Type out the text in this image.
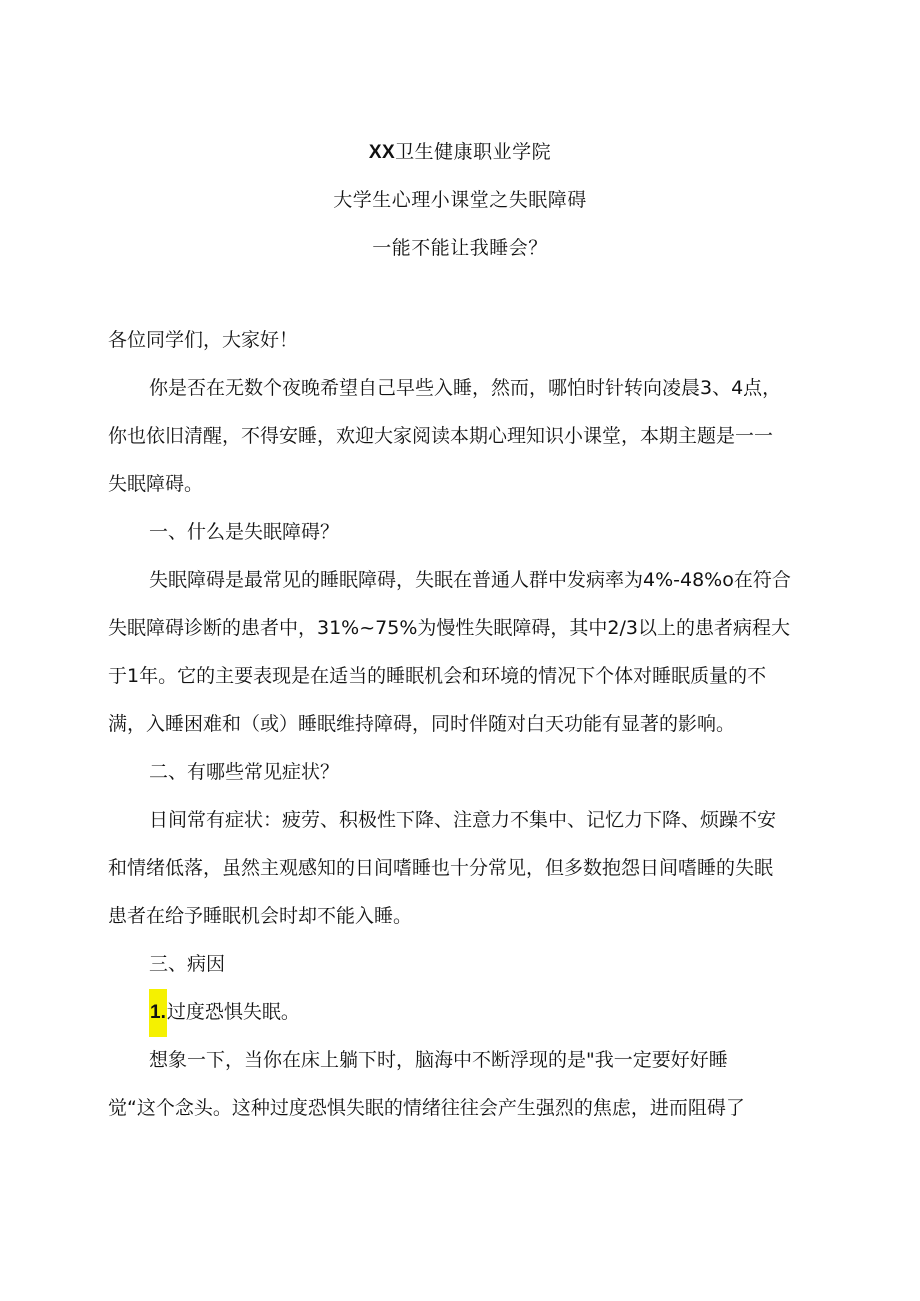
XX卫生健康职业学院
大学生心理小课堂之失眠障碍
一能不能让我睡会？
各位同学们，大家好！
你是否在无数个夜晚希望自己早些入睡，然而，哪怕时针转向凌晨3、4点，
你也依旧清醒，不得安睡，欢迎大家阅读本期心理知识小课堂，本期主题是一一
失眠障碍。
一、什么是失眠障碍？
失眠障碍是最常见的睡眠障碍，失眠在普通人群中发病率为4%-48%o在符合
失眠障碍诊断的患者中，31%~75%为慢性失眠障碍，其中2/3以上的患者病程大
于1年。它的主要表现是在适当的睡眠机会和环境的情况下个体对睡眠质量的不
满，入睡困难和（或）睡眠维持障碍，同时伴随对白天功能有显著的影响。
二、有哪些常见症状？
日间常有症状：疲劳、积极性下降、注意力不集中、记忆力下降、烦躁不安
和情绪低落，虽然主观感知的日间嗜睡也十分常见，但多数抱怨日间嗜睡的失眠
患者在给予睡眠机会时却不能入睡。
三、病因
1.过度恐惧失眠。
想象一下，当你在床上躺下时，脑海中不断浮现的是"我一定要好好睡
觉“这个念头。这种过度恐惧失眠的情绪往往会产生强烈的焦虑，进而阻碍了
